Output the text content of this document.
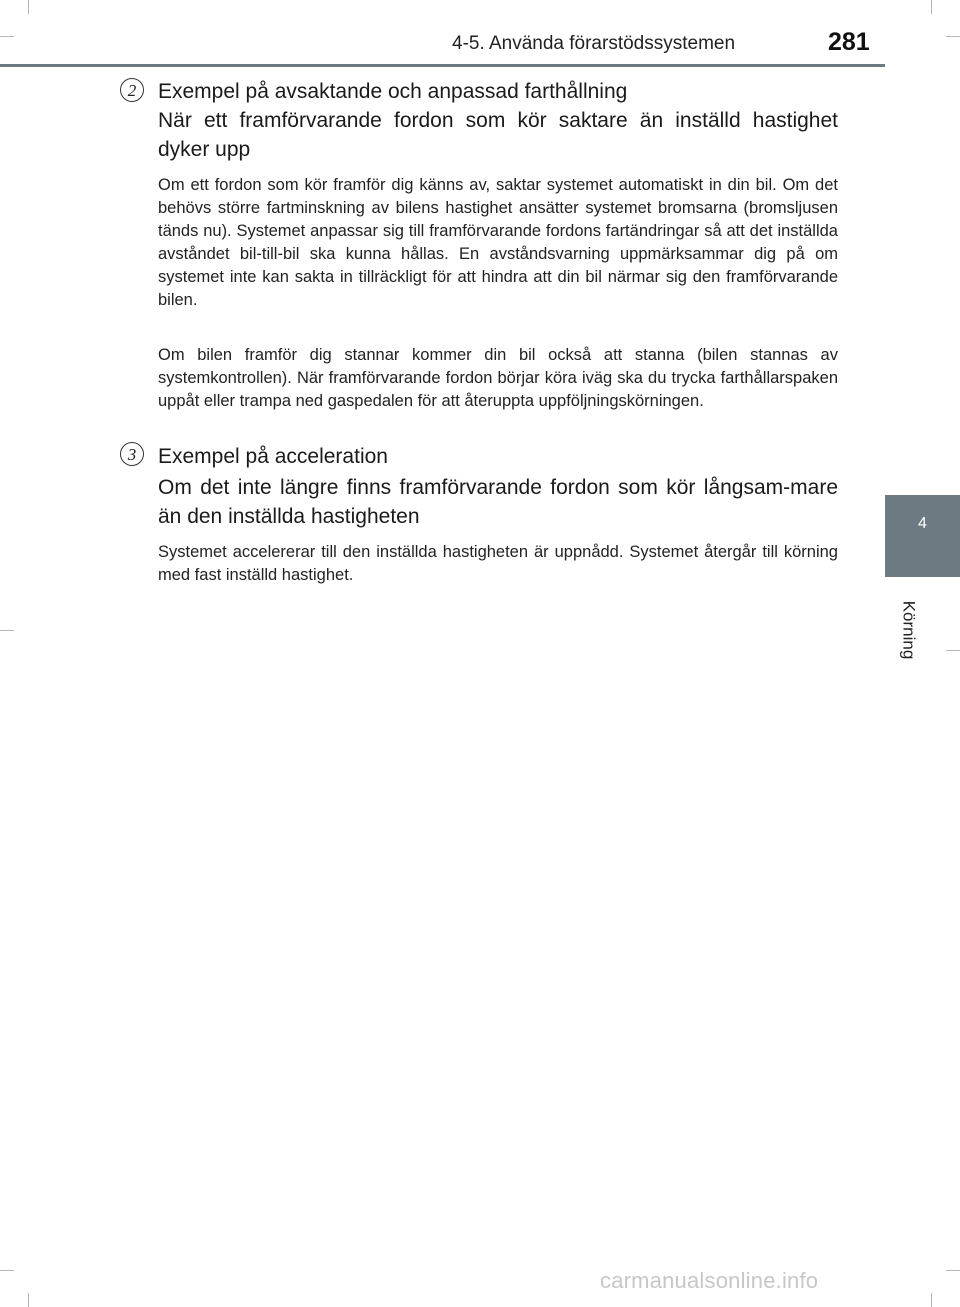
4-5. Använda förarstödssystemen	281
4
Körning
2	Exempel på avsaktande och anpassad farthållning
När ett framförvarande fordon som kör saktare än inställd hastighet dyker upp

Om ett fordon som kör framför dig känns av, saktar systemet automatiskt in din bil. Om det behövs större fartminskning av bilens hastighet ansätter systemet bromsarna (bromsljusen tänds nu). Systemet anpassar sig till framförvarande fordons fartändringar så att det inställda avståndet bil-till-bil ska kunna hållas. En avståndsvarning uppmärksammar dig på om systemet inte kan sakta in tillräckligt för att hindra att din bil närmar sig den framförvarande bilen.

Om bilen framför dig stannar kommer din bil också att stanna (bilen stannas av systemkontrollen). När framförvarande fordon börjar köra iväg ska du trycka farthållarspaken uppåt eller trampa ned gaspedalen för att återuppta uppföljningskörningen.

3	Exempel på acceleration
Om det inte längre finns framförvarande fordon som kör långsam-mare än den inställda hastigheten

Systemet accelererar till den inställda hastigheten är uppnådd. Systemet återgår till körning med fast inställd hastighet.

carmanualsonline.info
